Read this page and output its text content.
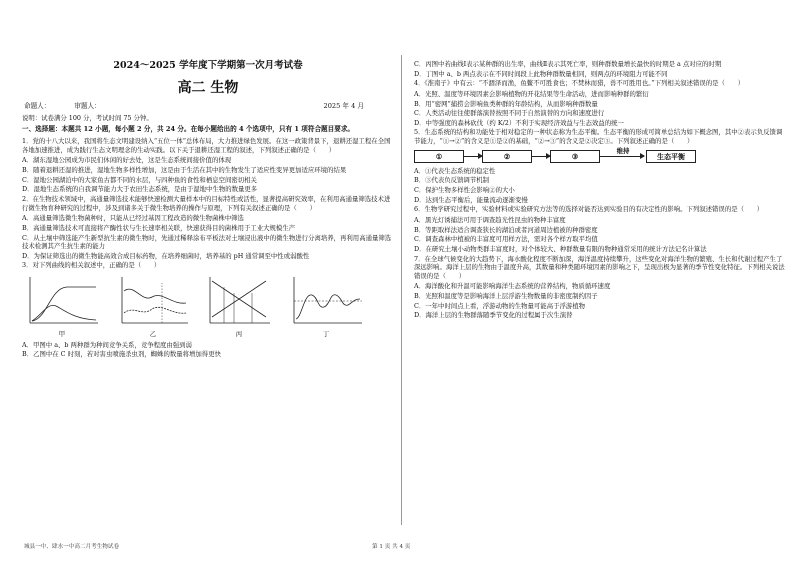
2024～2025 学年度下学期第一次月考试卷
高二 生物
命题人：	审题人：	2025 年 4 月
说明：试卷满分 100 分，考试时间 75 分钟。
一、选择题：本题共 12 小题，每小题 2 分，共 24 分。在每小题给出的 4 个选项中，只有 1 项符合题目要求。

1．党的十八大以来，我国将生态文明建设纳入“五位一体”总体布局，大力推进绿色发展。在这一政策背景下，退耕还湿工程在全国各地加速推进，成为践行生态文明理念的生动实践。以下关于退耕还湿工程的叙述，下列叙述正确的是（　　）

A．湖东湿地公园成为市民们休闲的好去处，这是生态系统间接价值的体现

B．随着退耕还湿的推进，湿地生物多样性增加，这是由于生活在其中的生物发生了适应性变异更加适应环境的结果

C．湿地公园湖泊中的大家鱼古都不同的水层，与四种鱼的食性和栖息空间密切相关

D．湿地生态系统的自我调节能力大于农田生态系统，是由于湿地中生物的数量更多

2．在生物技术领域中，高通量筛选技术能够快速检测大量样本中的目标特性或活性，显著提高研究效率，在利用高通量筛选技术进行微生物育种研究的过程中，涉及到诸多关于微生物培养的操作与原理，下列有关叙述正确的是（　　）

A．高通量筛选微生物菌种时，只能从已经过基因工程改造的微生物菌株中筛选

B．高通量筛选技术可直接将产酶性状与生长速率相关联，快速获得目的菌株用于工业大规模生产

C．从土壤中筛选能产生新型抗生素的微生物时，先通过稀释涂布平板法对土壤浸出液中的微生物进行分离培养，再利用高通量筛选技术检测其产生抗生素的能力

D．为保证筛选出的微生物能高效合成目标药物，在培养细菌时，培养基的 pH 通常调至中性或弱酸性

3．对下列曲线的相关叙述中，正确的是（　　）

甲	乙	丙	丁

A．甲图中 a、b 两种群为种间竞争关系，竞争程度由强到弱

B．乙图中在 C 时刻，若对害虫喷施杀虫剂，蜘蛛的数量将增加得更快

C．丙图中若曲线Ⅰ表示某种群的出生率，曲线Ⅱ表示其死亡率，则种群数量增长最快的时期是 a 点对应的时期

D．丁图中 a、b 两点表示在不同时间段上此物种群数量相同，则两点的环境阻力可能不同

4．《淮南子》中有云：“不涸泽而渔，鱼鳖不可胜食也；不焚林而猎，兽不可胜用也。”下列相关叙述错误的是（　　）

A．光照、温度等环境因素会影响植物的开花结果等生命活动，进而影响种群的繁衍

B．用“密网”捕捞会影响鱼类种群的年龄结构，从而影响种群数量

C．人类活动往往使群落演替按照不同于自然演替的方向和速度进行

D．中等强度的森林砍伐（约 K/2）不利于实现经济效益与生态效益的统一

5．生态系统的结构和功能处于相对稳定的一种状态称为生态平衡。生态平衡的形成可简单总结为如下概念图，其中②表示负反馈调节能力，“①→②”的含义是①是②的基础，“②→③”的含义是②决定③。下列叙述正确的是（　　）

①	②	③
维持
生态平衡

A．①代表生态系统的稳定性

B．③代表负反馈调节机制

C．保护生物多样性会影响②的大小

D．达到生态平衡后，能量流动逐渐变慢

6．生物学研究过程中，实验材料或实验研究方法等的选择对能否达到实验目的有决定性的影响。下列叙述错误的是（　　）

A．黑光灯诱捕法可用于调查趋光性昆虫的物种丰富度

B．等距取样法适合调查狭长的湖泊或者河道周边植被的种群密度

C．调查森林中植被的丰富度可用样方法，需对各个样方取平均值

D．在研究土壤小动物类群丰富度时，对个体较大、种群数量有限的物种通常采用的统计方法记名计算法

7．在全球气候变化的大趋势下，海水酸化程度不断加深，海洋温度持续攀升，这些变化对海洋生物的繁殖、生长和代谢过程产生了深远影响。海洋上层的生物由于温度升高，其数量和种类随环境因素的影响之下，呈现出极为显著的季节性变化特征。下列相关说法错误的是（　　）

A．海洋酸化和升温可能影响海洋生态系统的营养结构，物质循环速度

B．光照和温度等是影响海洋上层浮游生物数量的非密度制约因子

C．一年中时间点上看，浮游动物的生物量可能高于浮游植物

D．海洋上层的生物群落随季节变化的过程属于次生演替

城县一中、肆水一中高二月考生物试卷	第 1 页 共 4 页
